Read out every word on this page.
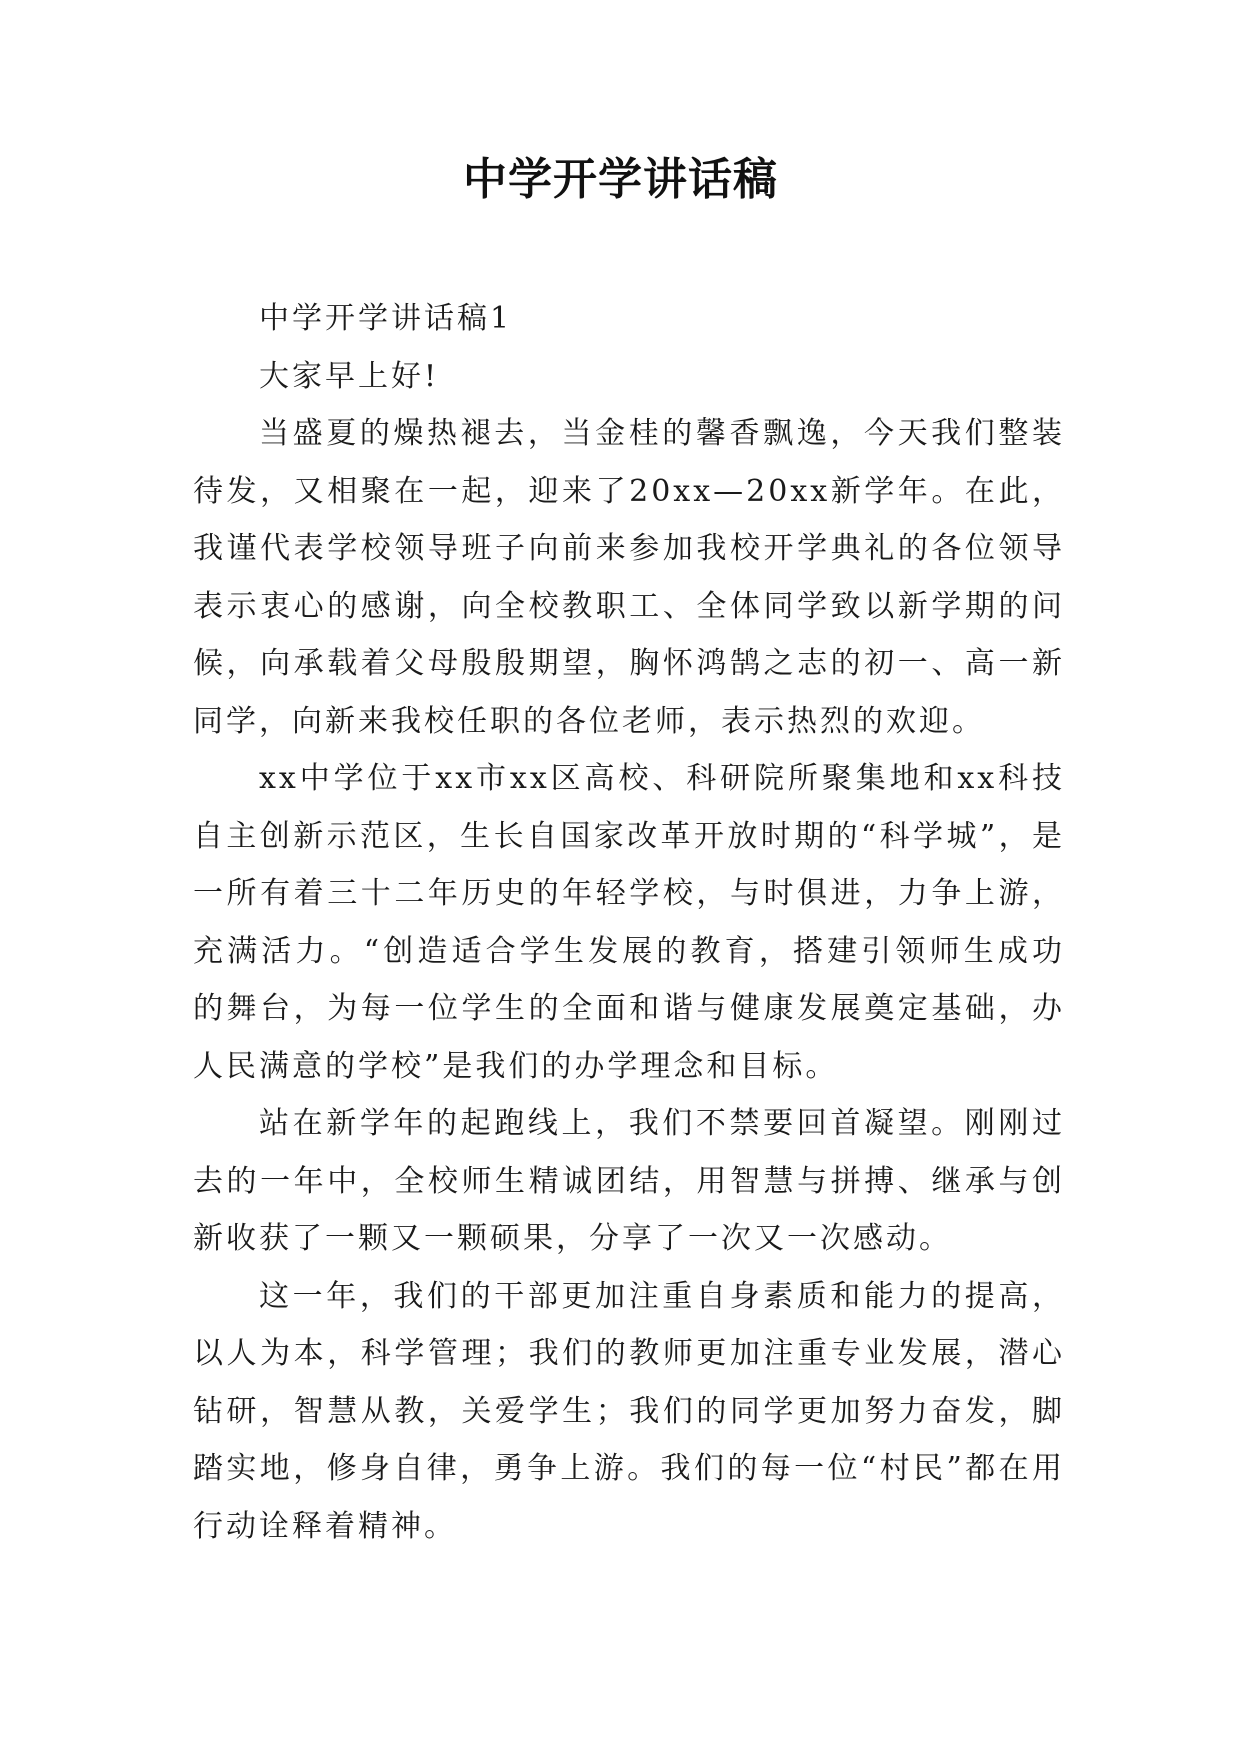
中学开学讲话稿

中学开学讲话稿1

大家早上好!

当盛夏的燥热褪去，当金桂的馨香飘逸，今天我们整装待发，又相聚在一起，迎来了20xx—20xx新学年。在此，我谨代表学校领导班子向前来参加我校开学典礼的各位领导表示衷心的感谢，向全校教职工、全体同学致以新学期的问候，向承载着父母殷殷期望，胸怀鸿鹄之志的初一、高一新同学，向新来我校任职的各位老师，表示热烈的欢迎。

xx中学位于xx市xx区高校、科研院所聚集地和xx科技自主创新示范区，生长自国家改革开放时期的“科学城”，是一所有着三十二年历史的年轻学校，与时俱进，力争上游，充满活力。“创造适合学生发展的教育，搭建引领师生成功的舞台，为每一位学生的全面和谐与健康发展奠定基础，办人民满意的学校”是我们的办学理念和目标。

站在新学年的起跑线上，我们不禁要回首凝望。刚刚过去的一年中，全校师生精诚团结，用智慧与拼搏、继承与创新收获了一颗又一颗硕果，分享了一次又一次感动。

这一年，我们的干部更加注重自身素质和能力的提高，以人为本，科学管理；我们的教师更加注重专业发展，潜心钻研，智慧从教，关爱学生；我们的同学更加努力奋发，脚踏实地，修身自律，勇争上游。我们的每一位“村民”都在用行动诠释着精神。
